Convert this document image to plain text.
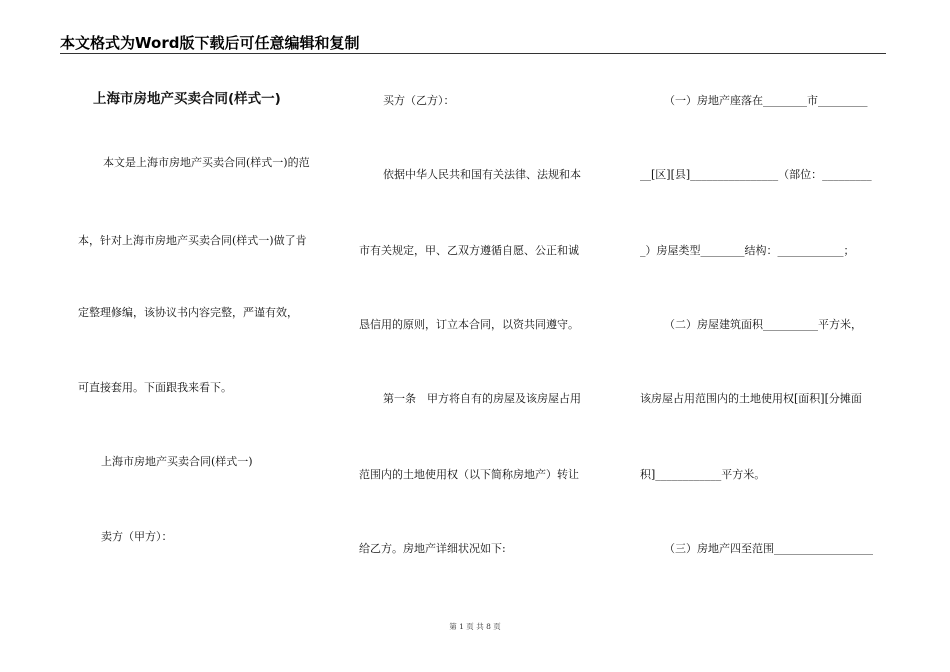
本文格式为Word版下载后可任意编辑和复制
上海市房地产买卖合同(样式一)
本文是上海市房地产买卖合同(样式一)的范
本，针对上海市房地产买卖合同(样式一)做了肯
定整理修编，该协议书内容完整，严谨有效，
可直接套用。下面跟我来看下。
上海市房地产买卖合同(样式一)
卖方（甲方）：
买方（乙方）：
依据中华人民共和国有关法律、法规和本
市有关规定，甲、乙双方遵循自愿、公正和诚
恳信用的原则，订立本合同，以资共同遵守。
第一条　甲方将自有的房屋及该房屋占用
范围内的土地使用权（以下简称房地产）转让
给乙方。房地产详细状况如下:
（一）房地产座落在________市_________
__[区][县]________________（部位：_________
_）房屋类型________结构：____________；
（二）房屋建筑面积__________平方米，
该房屋占用范围内的土地使用权[面积][分摊面
积]____________平方米。
（三）房地产四至范围__________________
第 1 页 共 8 页
